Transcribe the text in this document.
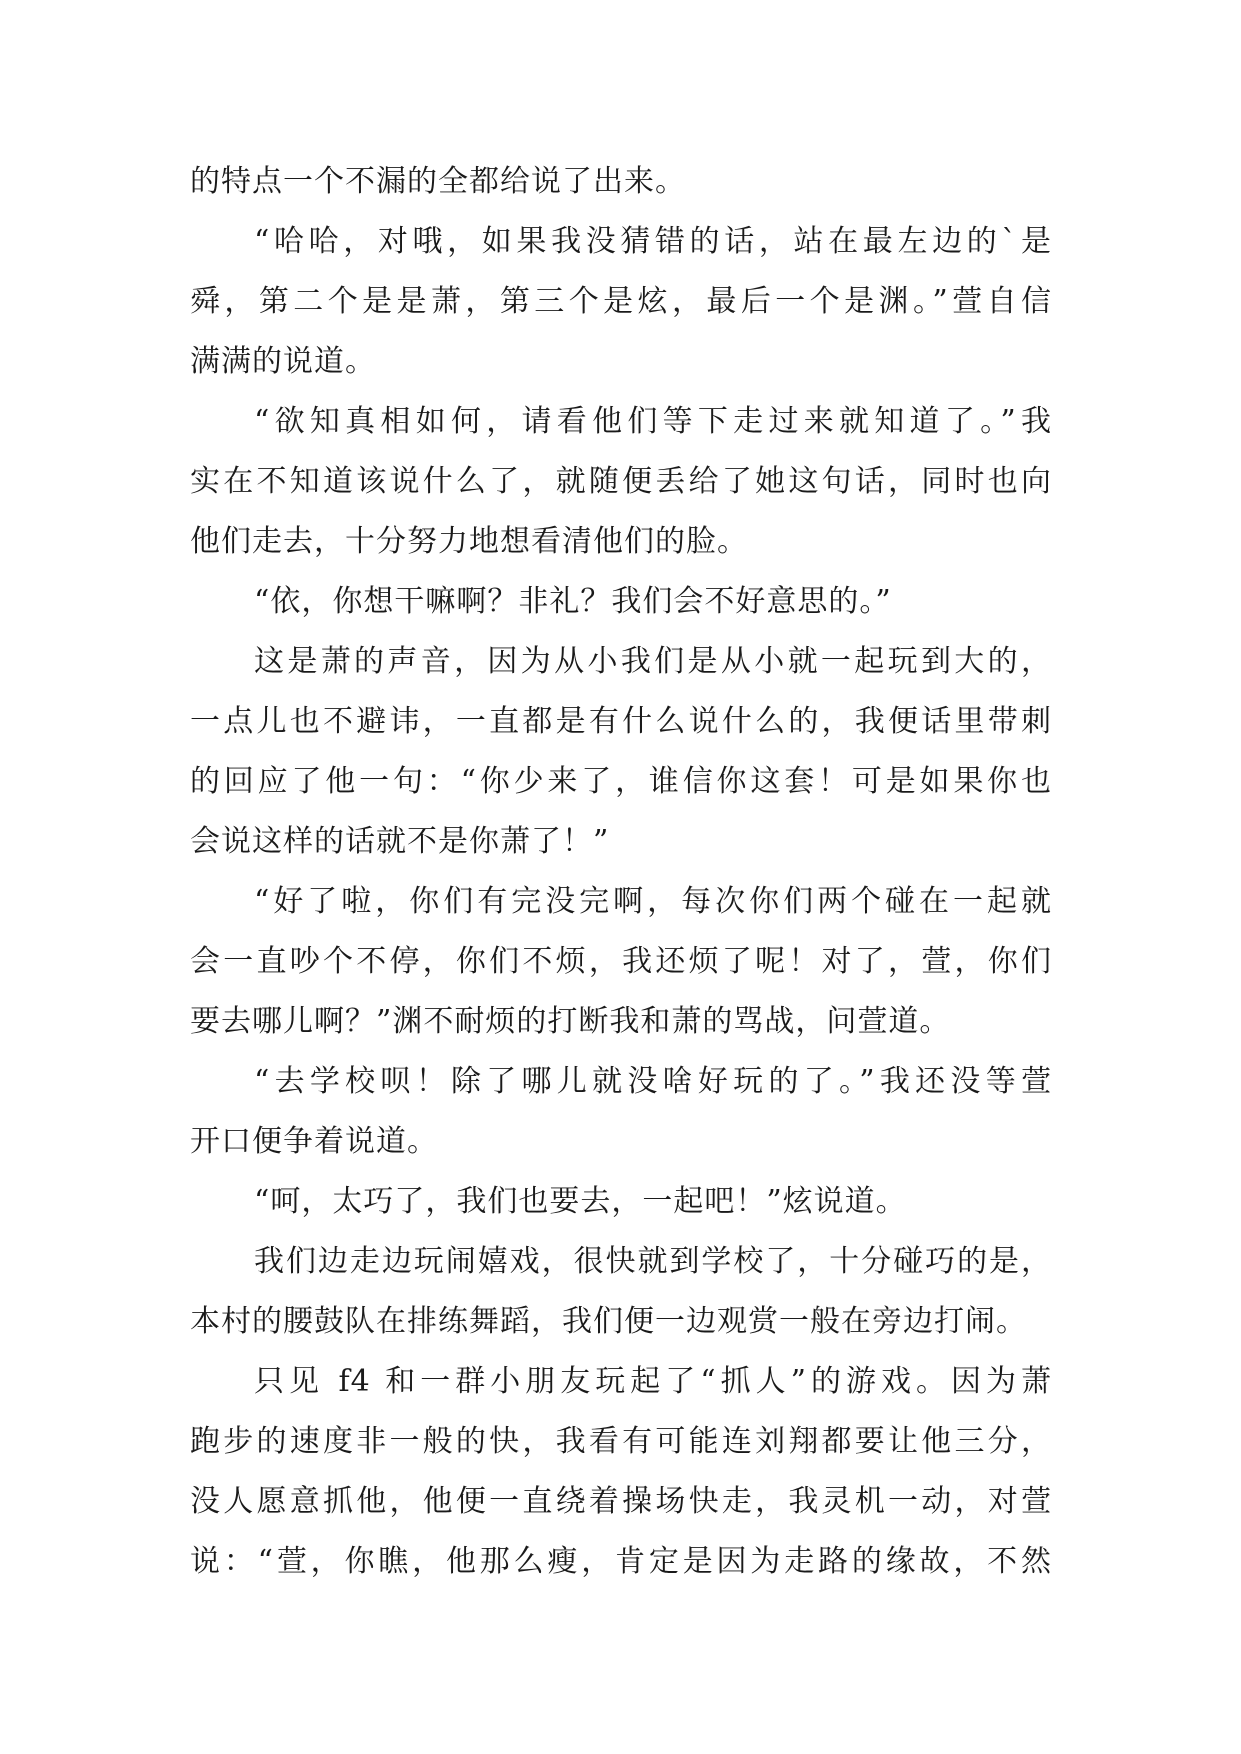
的特点一个不漏的全都给说了出来。
“哈哈，对哦，如果我没猜错的话，站在最左边的`是
舜，第二个是是萧，第三个是炫，最后一个是渊。”萱自信
满满的说道。
“欲知真相如何，请看他们等下走过来就知道了。”我
实在不知道该说什么了，就随便丢给了她这句话，同时也向
他们走去，十分努力地想看清他们的脸。
“依，你想干嘛啊？非礼？我们会不好意思的。”
这是萧的声音，因为从小我们是从小就一起玩到大的，
一点儿也不避讳，一直都是有什么说什么的，我便话里带刺
的回应了他一句：“你少来了，谁信你这套！可是如果你也
会说这样的话就不是你萧了！”
“好了啦，你们有完没完啊，每次你们两个碰在一起就
会一直吵个不停，你们不烦，我还烦了呢！对了，萱，你们
要去哪儿啊？”渊不耐烦的打断我和萧的骂战，问萱道。
“去学校呗！除了哪儿就没啥好玩的了。”我还没等萱
开口便争着说道。
“呵，太巧了，我们也要去，一起吧！”炫说道。
我们边走边玩闹嬉戏，很快就到学校了，十分碰巧的是，
本村的腰鼓队在排练舞蹈，我们便一边观赏一般在旁边打闹。
只见 f4 和一群小朋友玩起了“抓人”的游戏。因为萧
跑步的速度非一般的快，我看有可能连刘翔都要让他三分，
没人愿意抓他，他便一直绕着操场快走，我灵机一动，对萱
说：“萱，你瞧，他那么瘦，肯定是因为走路的缘故，不然
